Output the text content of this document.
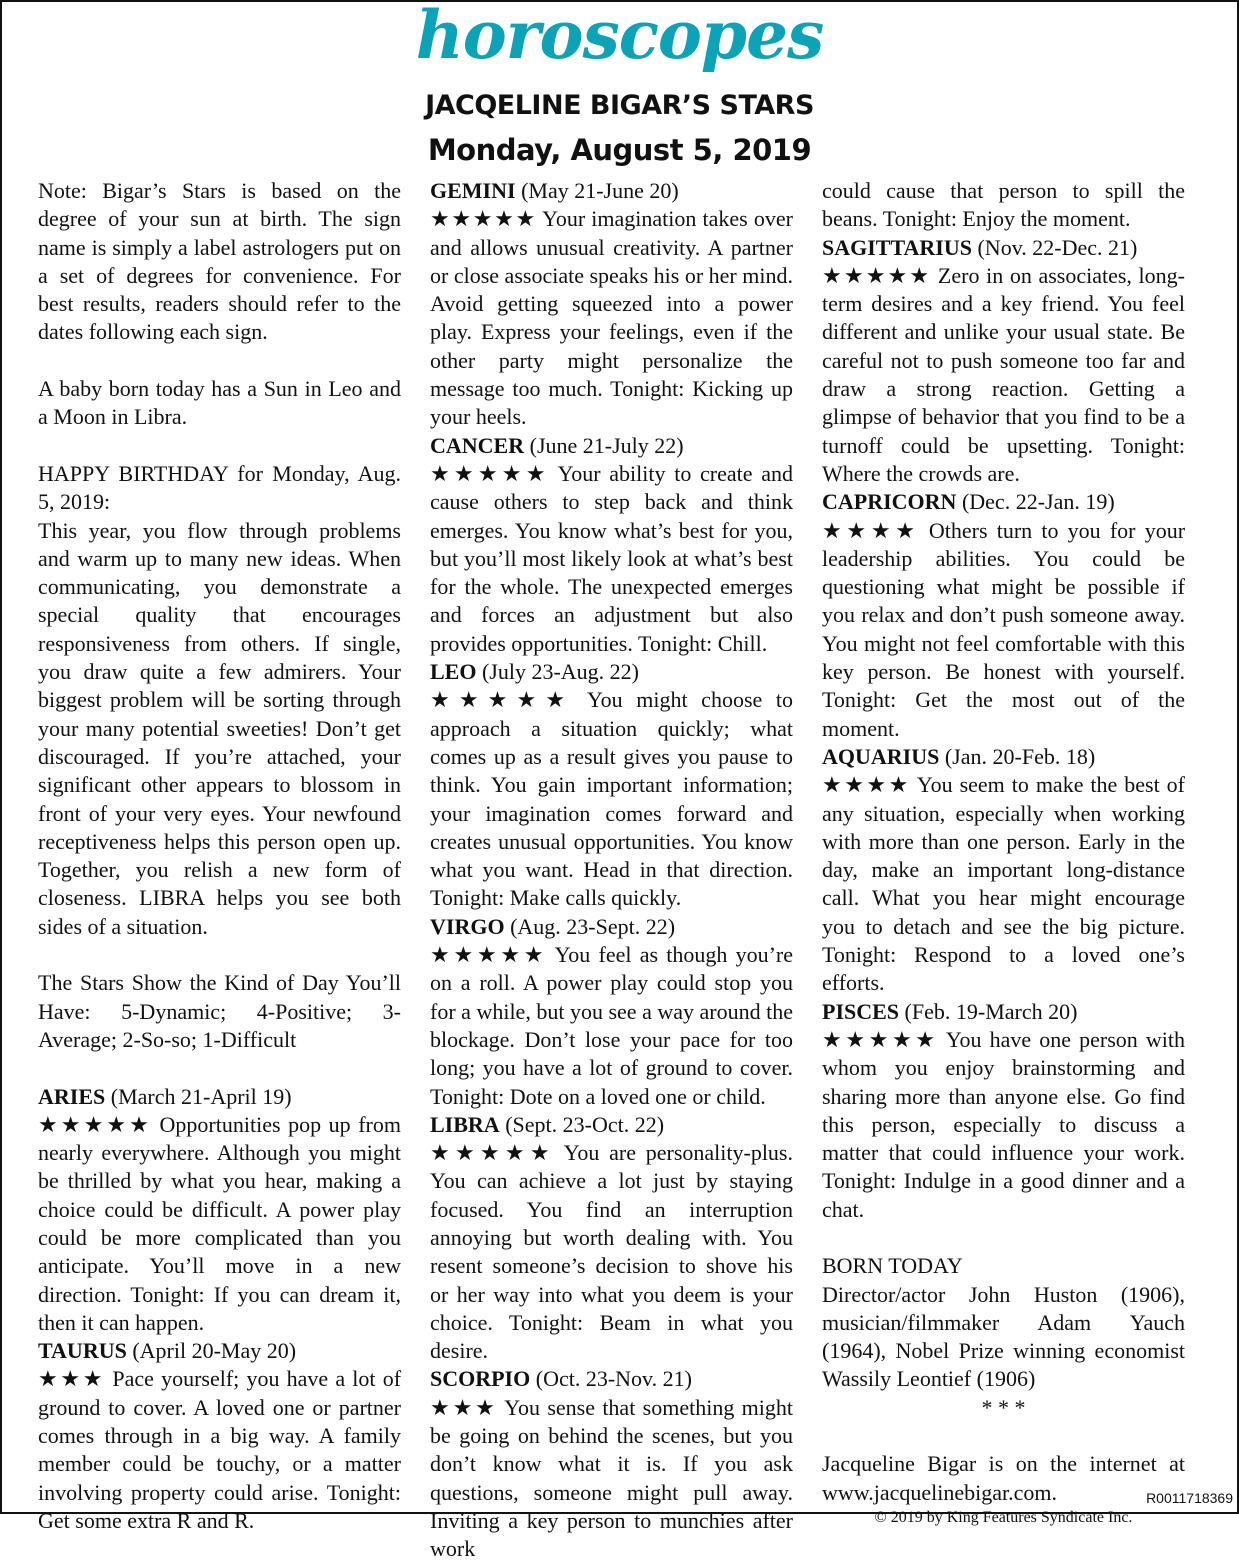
horoscopes
JACQELINE BIGAR’S STARS
Monday, August 5, 2019

Note: Bigar’s Stars is based on the degree of your sun at birth. The sign name is simply a label astrologers put on a set of degrees for convenience. For best results, readers should refer to the dates following each sign.

A baby born today has a Sun in Leo and a Moon in Libra.

HAPPY BIRTHDAY for Monday, Aug. 5, 2019:

This year, you flow through problems and warm up to many new ideas. When communicating, you demonstrate a special quality that encourages responsiveness from others. If single, you draw quite a few admirers. Your biggest problem will be sorting through your many potential sweeties! Don’t get discouraged. If you’re attached, your significant other appears to blossom in front of your very eyes. Your newfound receptiveness helps this person open up. Together, you relish a new form of closeness. LIBRA helps you see both sides of a situation.

The Stars Show the Kind of Day You’ll Have: 5-Dynamic; 4-Positive; 3-Average; 2-So-so; 1-Difficult

ARIES (March 21-April 19)

★★★★★ Opportunities pop up from nearly everywhere. Although you might be thrilled by what you hear, making a choice could be difficult. A power play could be more complicated than you anticipate. You’ll move in a new direction. Tonight: If you can dream it, then it can happen.

TAURUS (April 20-May 20)

★★★ Pace yourself; you have a lot of ground to cover. A loved one or partner comes through in a big way. A family member could be touchy, or a matter involving property could arise. Tonight: Get some extra R and R.

GEMINI (May 21-June 20)

★★★★★ Your imagination takes over and allows unusual creativity. A partner or close associate speaks his or her mind. Avoid getting squeezed into a power play. Express your feelings, even if the other party might personalize the message too much. Tonight: Kicking up your heels.

CANCER (June 21-July 22)

★★★★★ Your ability to create and cause others to step back and think emerges. You know what’s best for you, but you’ll most likely look at what’s best for the whole. The unexpected emerges and forces an adjustment but also provides opportunities. Tonight: Chill.

LEO (July 23-Aug. 22)

★★★★★ You might choose to approach a situation quickly; what comes up as a result gives you pause to think. You gain important information; your imagination comes forward and creates unusual opportunities. You know what you want. Head in that direction. Tonight: Make calls quickly.

VIRGO (Aug. 23-Sept. 22)

★★★★★ You feel as though you’re on a roll. A power play could stop you for a while, but you see a way around the blockage. Don’t lose your pace for too long; you have a lot of ground to cover. Tonight: Dote on a loved one or child.

LIBRA (Sept. 23-Oct. 22)

★★★★★ You are personality-plus. You can achieve a lot just by staying focused. You find an interruption annoying but worth dealing with. You resent someone’s decision to shove his or her way into what you deem is your choice. Tonight: Beam in what you desire.

SCORPIO (Oct. 23-Nov. 21)

★★★ You sense that something might be going on behind the scenes, but you don’t know what it is. If you ask questions, someone might pull away. Inviting a key person to munchies after work

could cause that person to spill the beans. Tonight: Enjoy the moment.

SAGITTARIUS (Nov. 22-Dec. 21)

★★★★★ Zero in on associates, long-term desires and a key friend. You feel different and unlike your usual state. Be careful not to push someone too far and draw a strong reaction. Getting a glimpse of behavior that you find to be a turnoff could be upsetting. Tonight: Where the crowds are.

CAPRICORN (Dec. 22-Jan. 19)

★★★★ Others turn to you for your leadership abilities. You could be questioning what might be possible if you relax and don’t push someone away. You might not feel comfortable with this key person. Be honest with yourself. Tonight: Get the most out of the moment.

AQUARIUS (Jan. 20-Feb. 18)

★★★★ You seem to make the best of any situation, especially when working with more than one person. Early in the day, make an important long-distance call. What you hear might encourage you to detach and see the big picture. Tonight: Respond to a loved one’s efforts.

PISCES (Feb. 19-March 20)

★★★★★ You have one person with whom you enjoy brainstorming and sharing more than anyone else. Go find this person, especially to discuss a matter that could influence your work. Tonight: Indulge in a good dinner and a chat.

BORN TODAY

Director/actor John Huston (1906), musician/filmmaker Adam Yauch (1964), Nobel Prize winning economist Wassily Leontief (1906)

* * *

Jacqueline Bigar is on the internet at www.jacquelinebigar.com.

© 2019 by King Features Syndicate Inc.

R0011718369
